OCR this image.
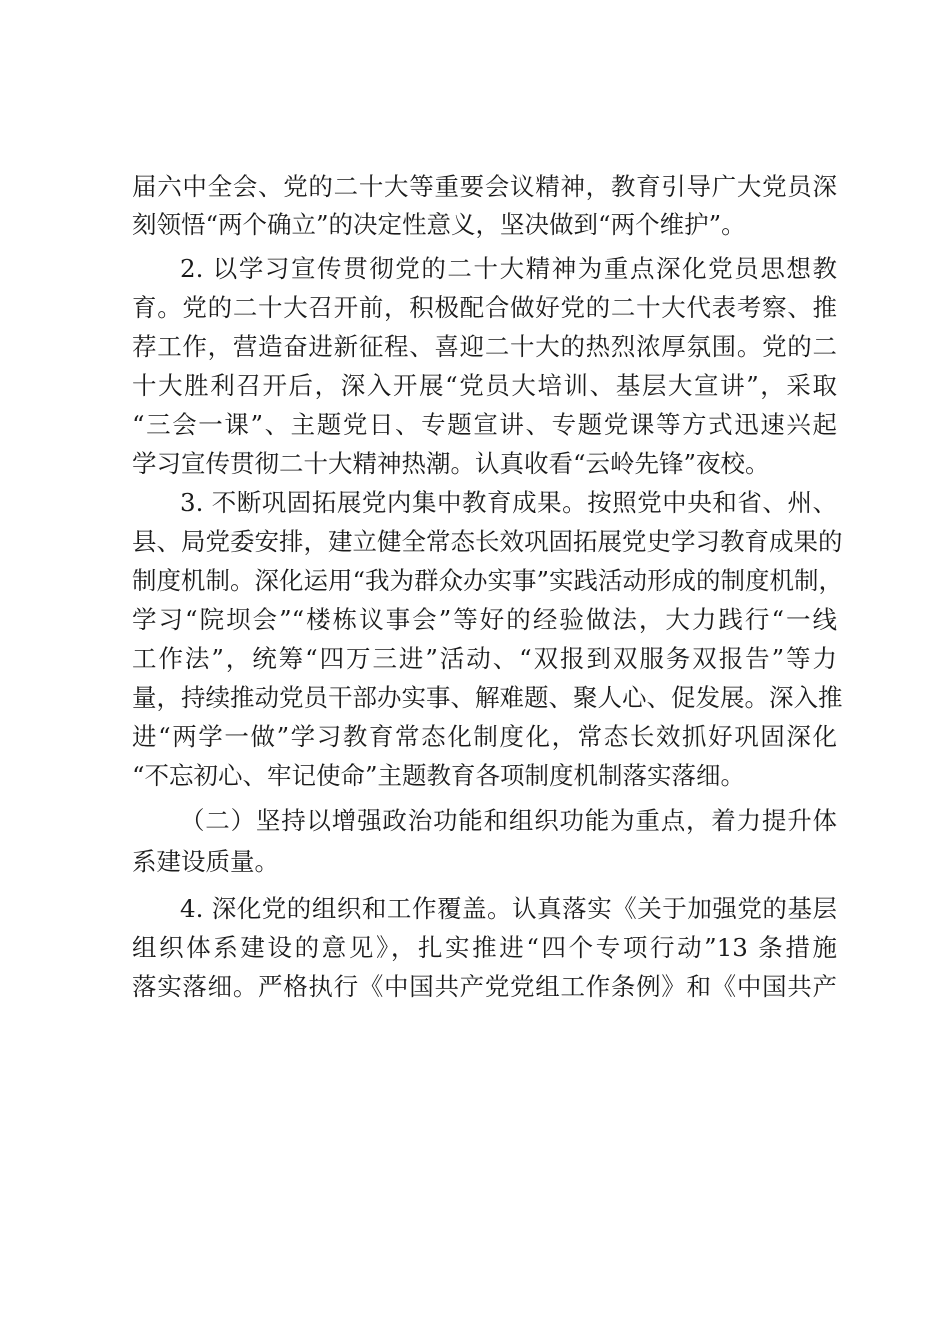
届六中全会、党的二十大等重要会议精神，教育引导广大党员深
刻领悟“两个确立”的决定性意义，坚决做到“两个维护”。
2. 以学习宣传贯彻党的二十大精神为重点深化党员思想教
育。党的二十大召开前，积极配合做好党的二十大代表考察、推
荐工作，营造奋进新征程、喜迎二十大的热烈浓厚氛围。党的二
十大胜利召开后，深入开展“党员大培训、基层大宣讲”，采取
“三会一课”、主题党日、专题宣讲、专题党课等方式迅速兴起
学习宣传贯彻二十大精神热潮。认真收看“云岭先锋”夜校。
3. 不断巩固拓展党内集中教育成果。按照党中央和省、州、
县、局党委安排，建立健全常态长效巩固拓展党史学习教育成果的
制度机制。深化运用“我为群众办实事”实践活动形成的制度机制，
学习“院坝会”“楼栋议事会”等好的经验做法，大力践行“一线
工作法”，统筹“四万三进”活动、“双报到双服务双报告”等力
量，持续推动党员干部办实事、解难题、聚人心、促发展。深入推
进“两学一做”学习教育常态化制度化，常态长效抓好巩固深化
“不忘初心、牢记使命”主题教育各项制度机制落实落细。
（二）坚持以增强政治功能和组织功能为重点，着力提升体
系建设质量。
4. 深化党的组织和工作覆盖。认真落实《关于加强党的基层
组织体系建设的意见》，扎实推进“四个专项行动”13 条措施
落实落细。严格执行《中国共产党党组工作条例》和《中国共产
